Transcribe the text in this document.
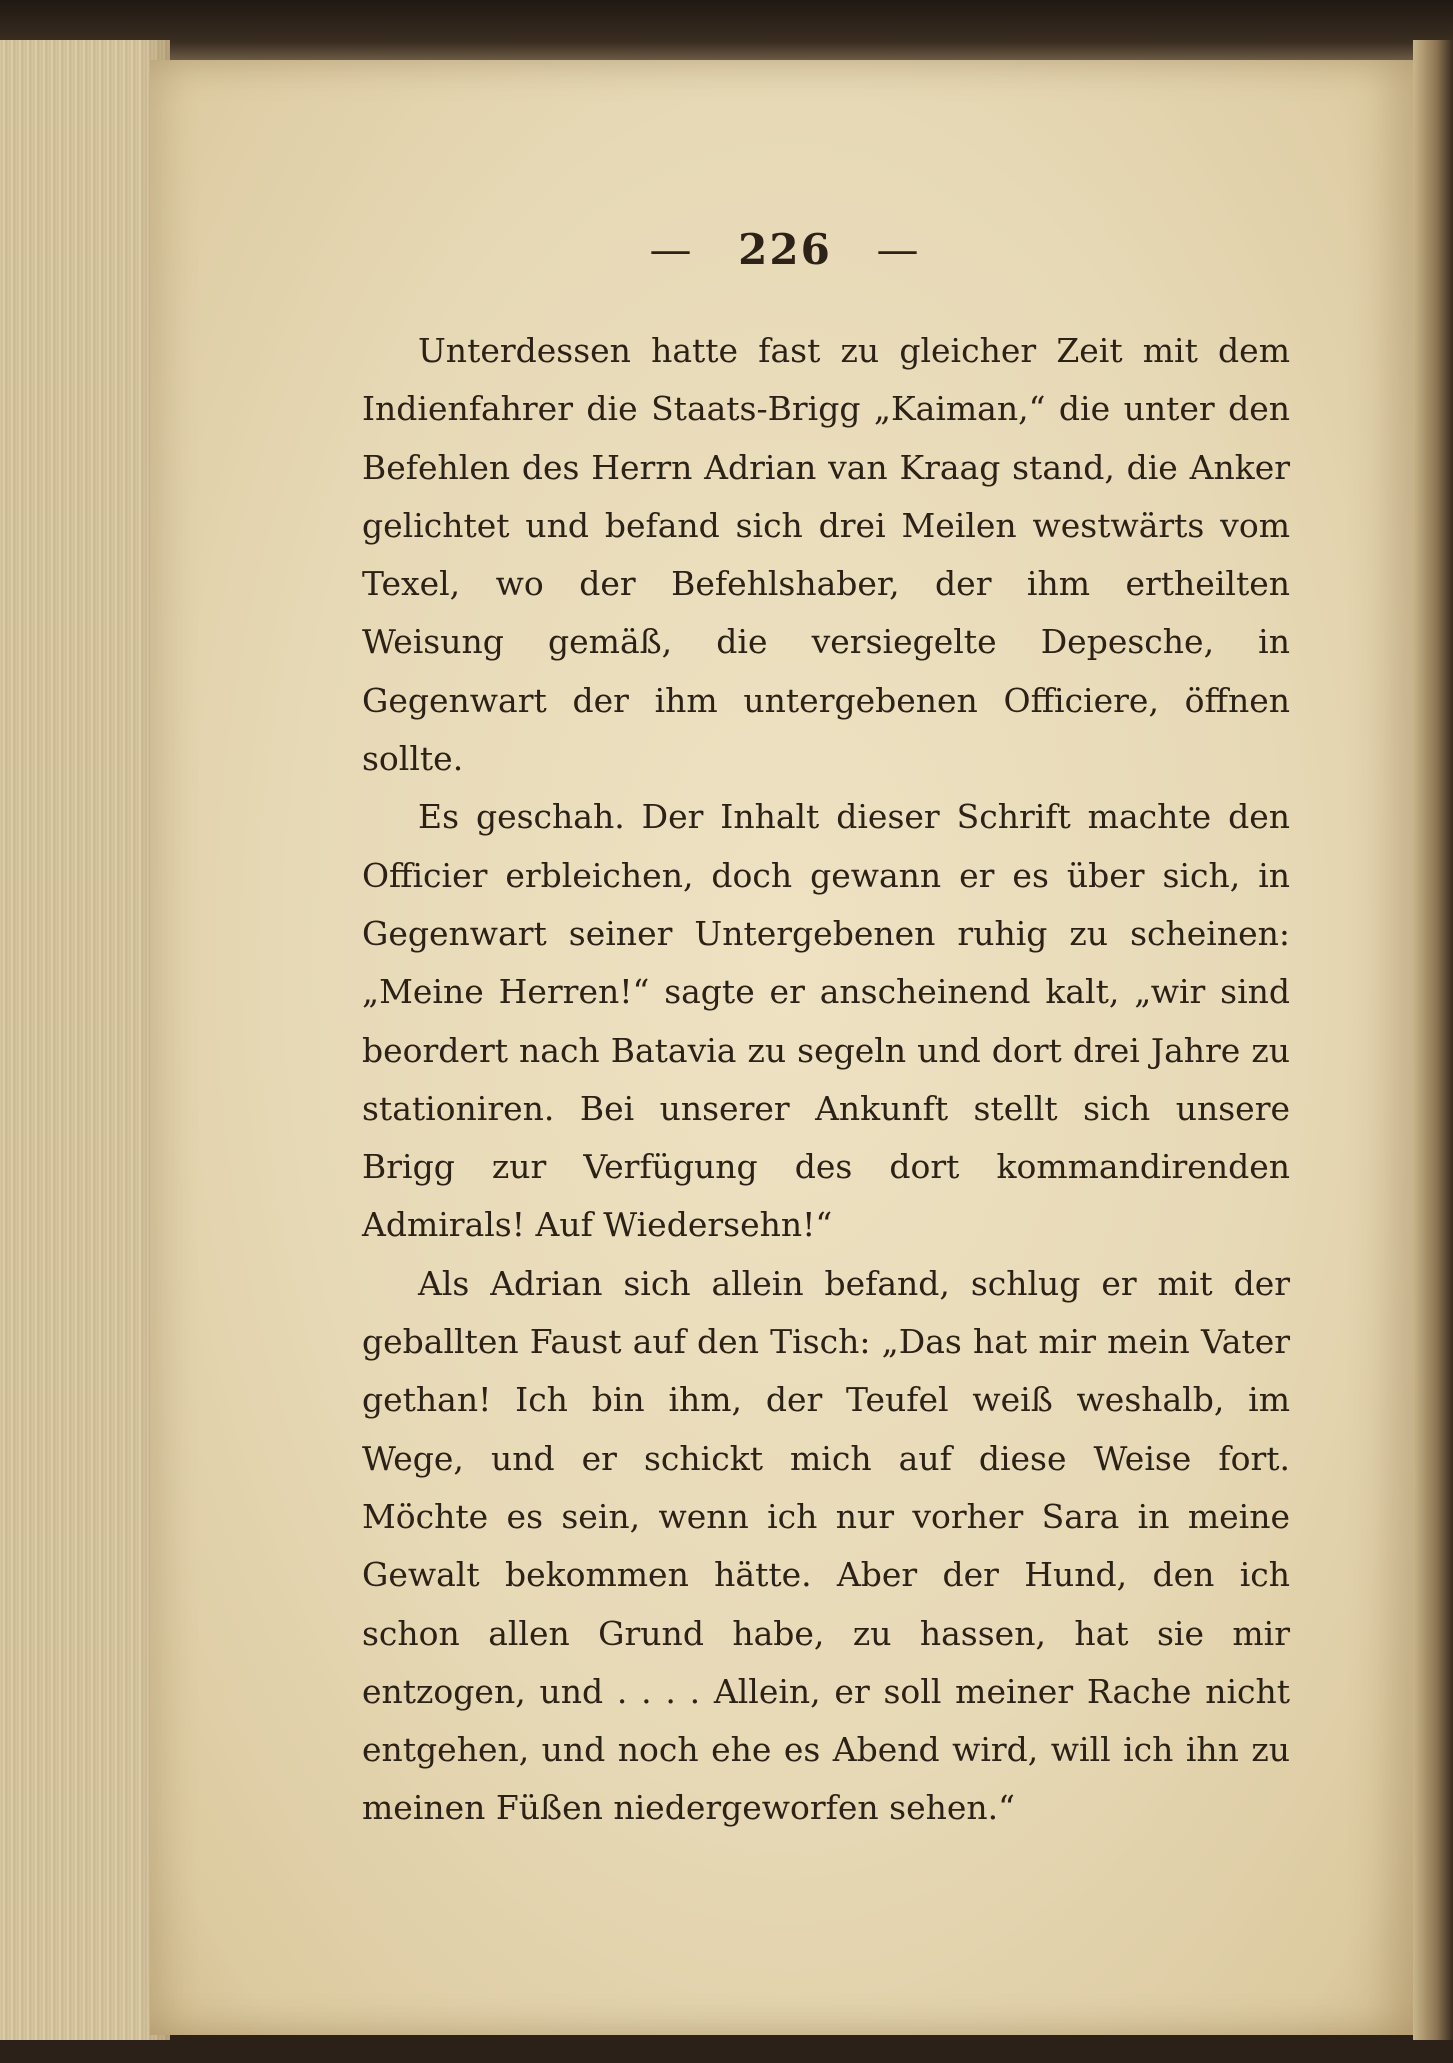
— 226 —

Unterdessen hatte fast zu gleicher Zeit mit dem Indienfahrer die Staats-Brigg „Kaiman,“ die unter den Befehlen des Herrn Adrian van Kraag stand, die Anker gelichtet und befand sich drei Meilen westwärts vom Texel, wo der Befehlshaber, der ihm ertheilten Weisung gemäß, die versiegelte Depesche, in Gegenwart der ihm untergebenen Officiere, öffnen sollte.

Es geschah. Der Inhalt dieser Schrift machte den Officier erbleichen, doch gewann er es über sich, in Gegenwart seiner Untergebenen ruhig zu scheinen: „Meine Herren!“ sagte er anscheinend kalt, „wir sind beordert nach Batavia zu segeln und dort drei Jahre zu stationiren. Bei unserer Ankunft stellt sich unsere Brigg zur Verfügung des dort kommandirenden Admirals! Auf Wiedersehn!“

Als Adrian sich allein befand, schlug er mit der geballten Faust auf den Tisch: „Das hat mir mein Vater gethan! Ich bin ihm, der Teufel weiß weshalb, im Wege, und er schickt mich auf diese Weise fort. Möchte es sein, wenn ich nur vorher Sara in meine Gewalt bekommen hätte. Aber der Hund, den ich schon allen Grund habe, zu hassen, hat sie mir entzogen, und . . . . Allein, er soll meiner Rache nicht entgehen, und noch ehe es Abend wird, will ich ihn zu meinen Füßen niedergeworfen sehen.“
